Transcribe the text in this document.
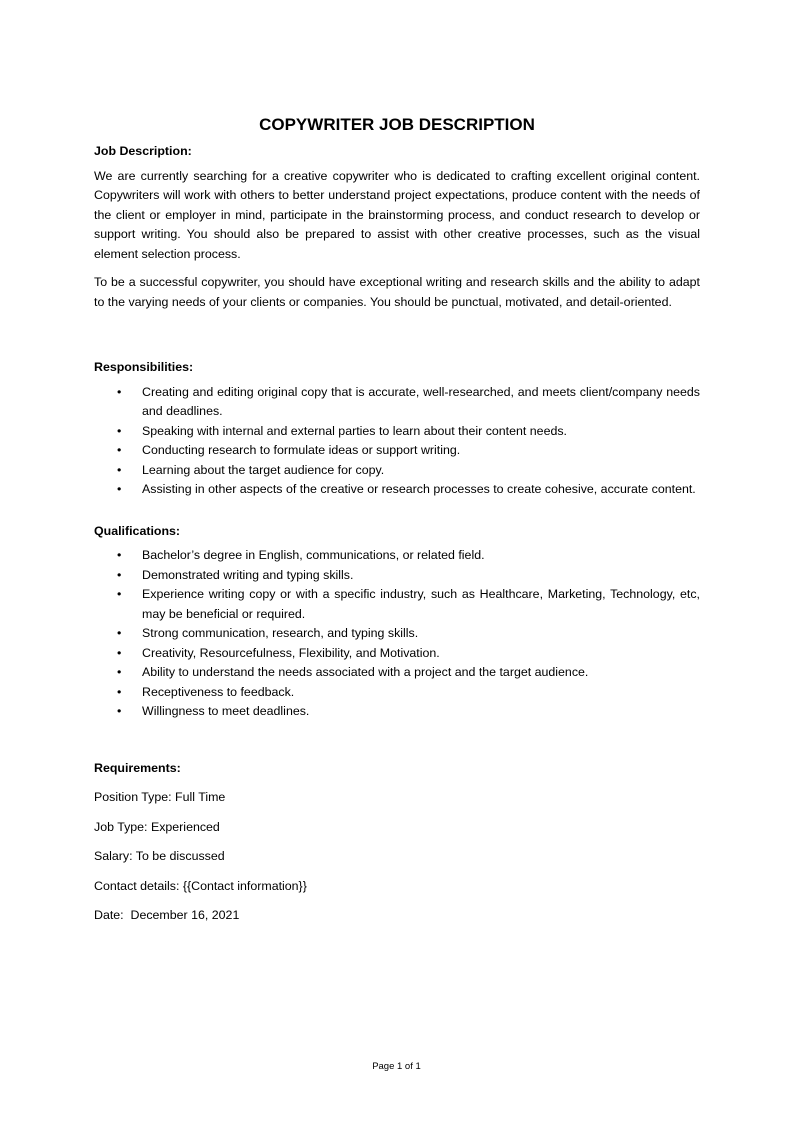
COPYWRITER JOB DESCRIPTION
Job Description:

We are currently searching for a creative copywriter who is dedicated to crafting excellent original content. Copywriters will work with others to better understand project expectations, produce content with the needs of the client or employer in mind, participate in the brainstorming process, and conduct research to develop or support writing. You should also be prepared to assist with other creative processes, such as the visual element selection process.

To be a successful copywriter, you should have exceptional writing and research skills and the ability to adapt to the varying needs of your clients or companies. You should be punctual, motivated, and detail-oriented.

Responsibilities:
• Creating and editing original copy that is accurate, well-researched, and meets client/company needs and deadlines.
• Speaking with internal and external parties to learn about their content needs.
• Conducting research to formulate ideas or support writing.
• Learning about the target audience for copy.
• Assisting in other aspects of the creative or research processes to create cohesive, accurate content.
Qualifications:
• Bachelor’s degree in English, communications, or related field.
• Demonstrated writing and typing skills.
• Experience writing copy or with a specific industry, such as Healthcare, Marketing, Technology, etc, may be beneficial or required.
• Strong communication, research, and typing skills.
• Creativity, Resourcefulness, Flexibility, and Motivation.
• Ability to understand the needs associated with a project and the target audience.
• Receptiveness to feedback.
• Willingness to meet deadlines.
Requirements:
Position Type: Full Time
Job Type: Experienced
Salary: To be discussed
Contact details: {{Contact information}}
Date:  December 16, 2021
Page 1 of 1
